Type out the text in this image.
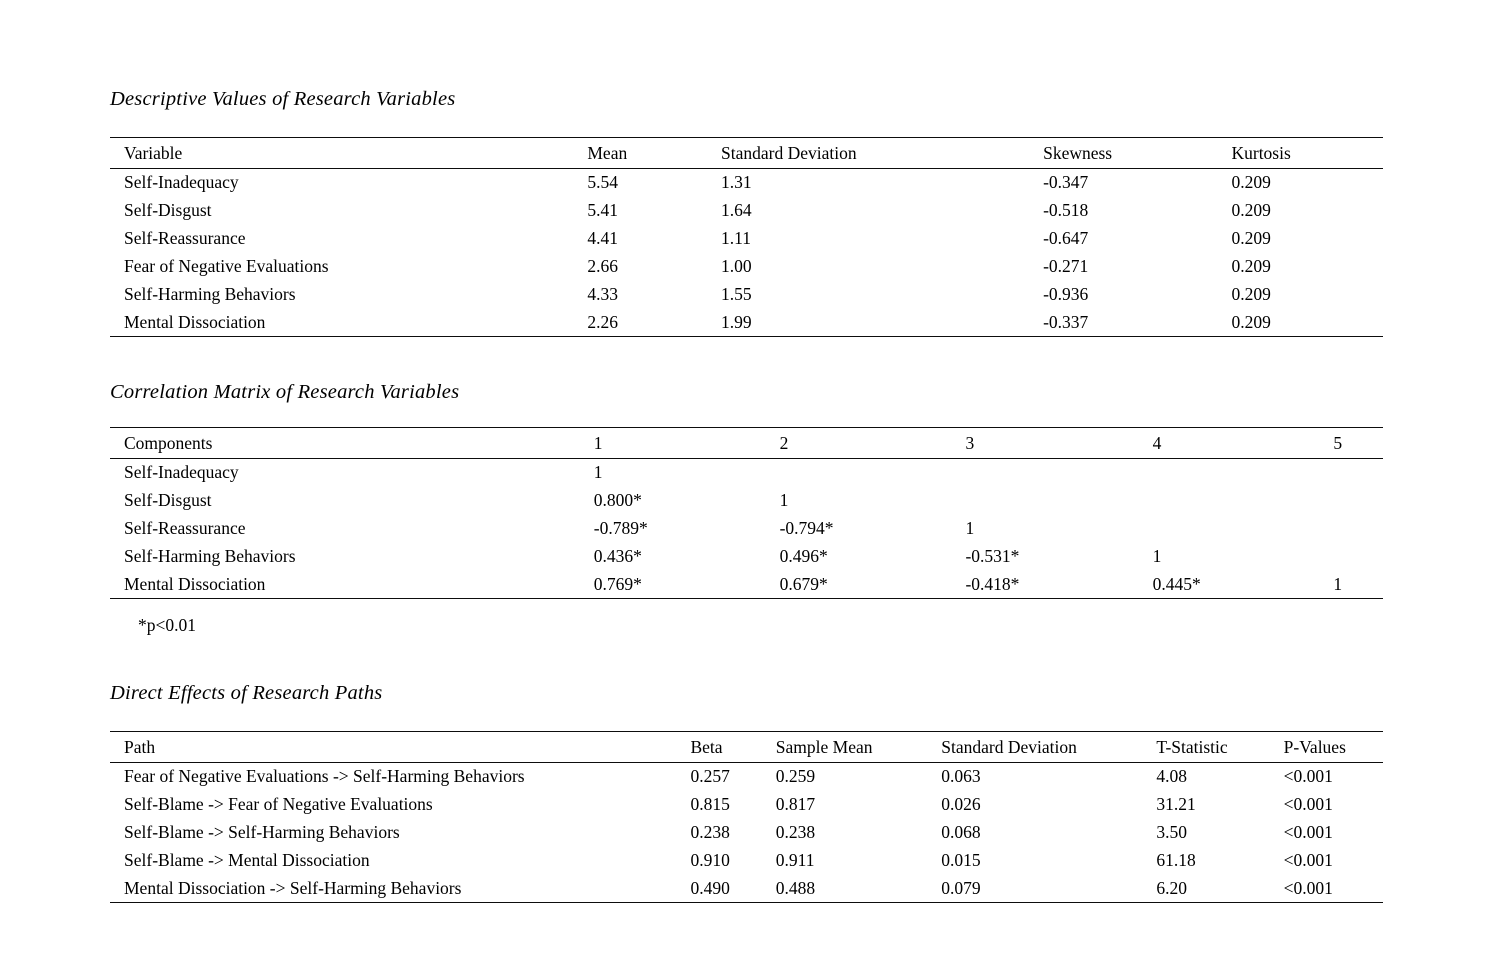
Descriptive Values of Research Variables
Variable	Mean	Standard Deviation	Skewness	Kurtosis
Self-Inadequacy	5.54	1.31	-0.347	0.209
Self-Disgust	5.41	1.64	-0.518	0.209
Self-Reassurance	4.41	1.11	-0.647	0.209
Fear of Negative Evaluations	2.66	1.00	-0.271	0.209
Self-Harming Behaviors	4.33	1.55	-0.936	0.209
Mental Dissociation	2.26	1.99	-0.337	0.209
Correlation Matrix of Research Variables
Components	1	2	3	4	5
Self-Inadequacy	1				
Self-Disgust	0.800*	1			
Self-Reassurance	-0.789*	-0.794*	1		
Self-Harming Behaviors	0.436*	0.496*	-0.531*	1	
Mental Dissociation	0.769*	0.679*	-0.418*	0.445*	1
*p<0.01
Direct Effects of Research Paths
Path	Beta	Sample Mean	Standard Deviation	T-Statistic	P-Values
Fear of Negative Evaluations -> Self-Harming Behaviors	0.257	0.259	0.063	4.08	<0.001
Self-Blame -> Fear of Negative Evaluations	0.815	0.817	0.026	31.21	<0.001
Self-Blame -> Self-Harming Behaviors	0.238	0.238	0.068	3.50	<0.001
Self-Blame -> Mental Dissociation	0.910	0.911	0.015	61.18	<0.001
Mental Dissociation -> Self-Harming Behaviors	0.490	0.488	0.079	6.20	<0.001
